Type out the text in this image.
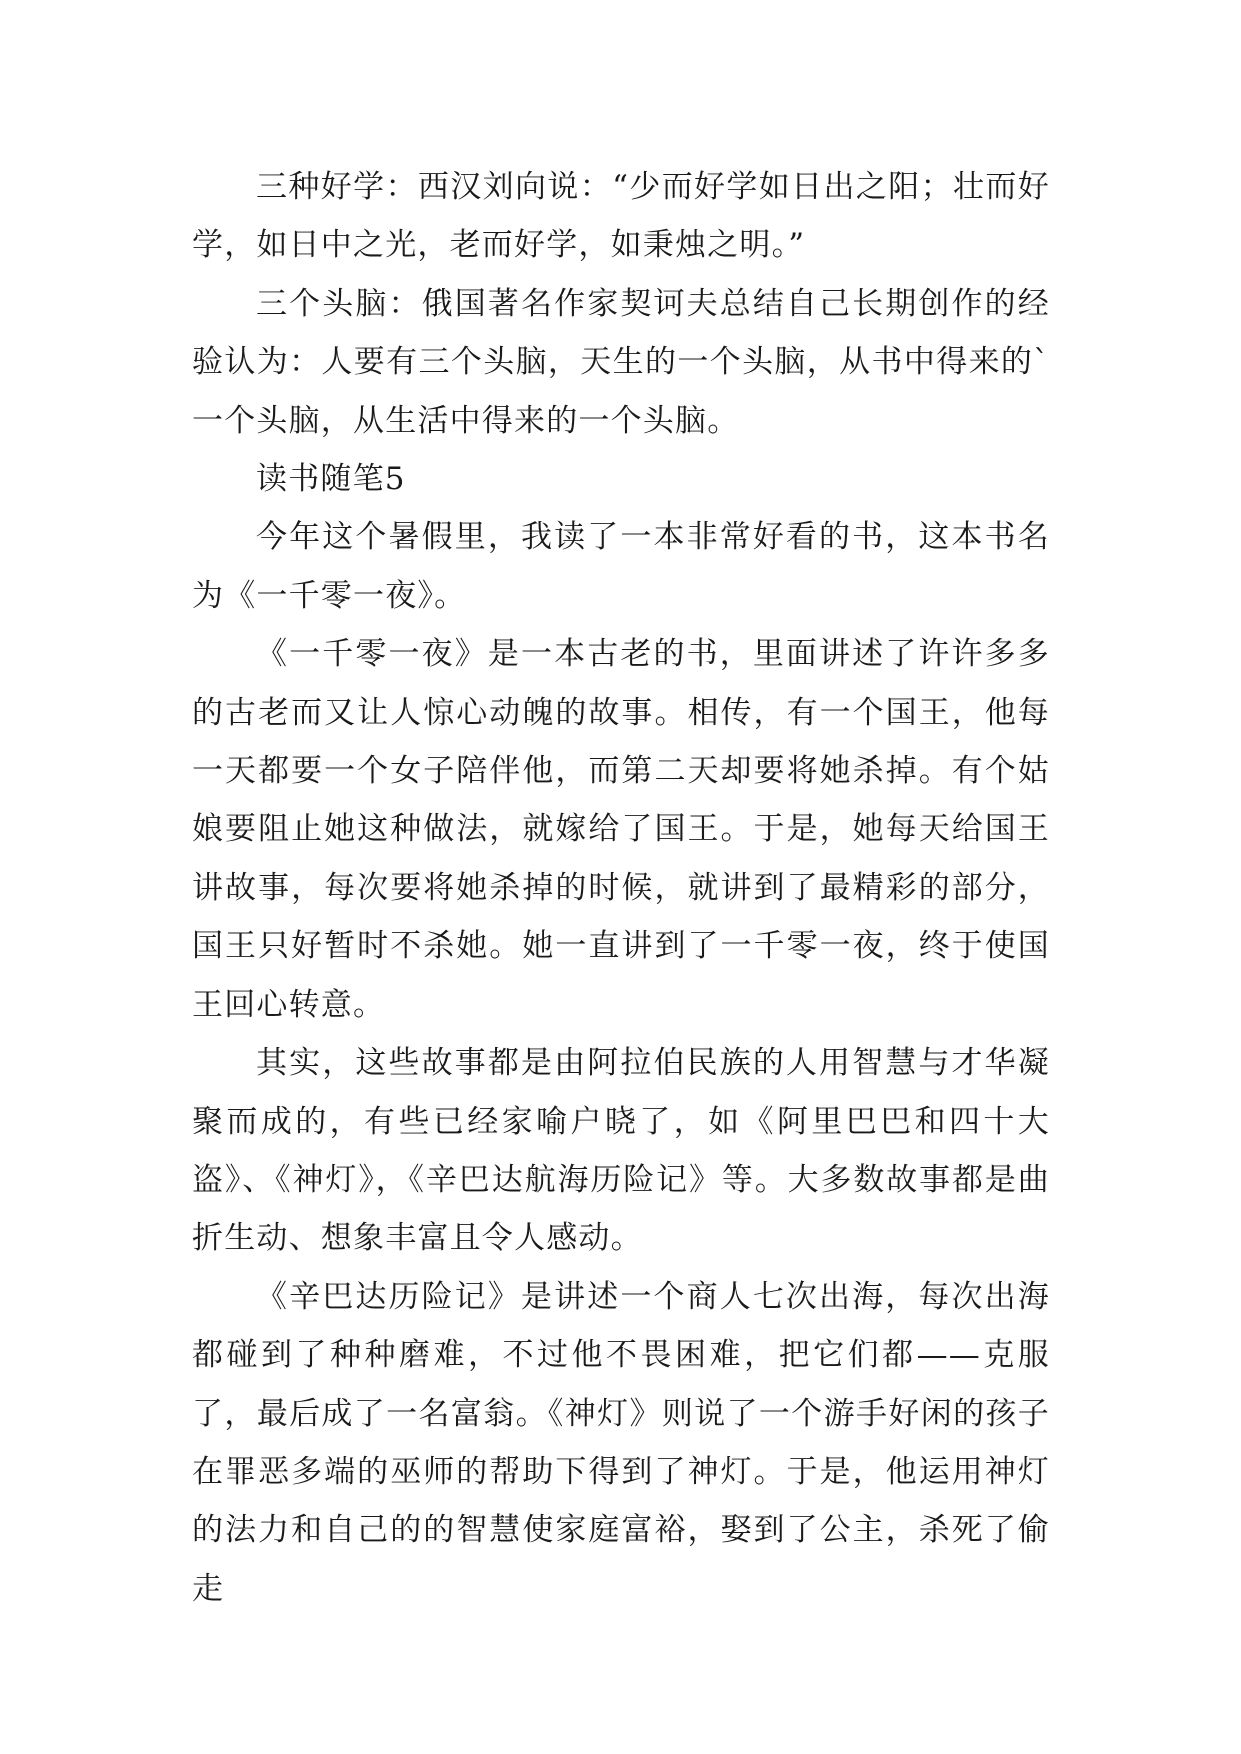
三种好学：西汉刘向说：“少而好学如日出之阳；壮而好学，如日中之光，老而好学，如秉烛之明。”

三个头脑：俄国著名作家契诃夫总结自己长期创作的经验认为：人要有三个头脑，天生的一个头脑，从书中得来的`一个头脑，从生活中得来的一个头脑。

读书随笔5

今年这个暑假里，我读了一本非常好看的书，这本书名为《一千零一夜》。

《一千零一夜》是一本古老的书，里面讲述了许许多多的古老而又让人惊心动魄的故事。相传，有一个国王，他每一天都要一个女子陪伴他，而第二天却要将她杀掉。有个姑娘要阻止她这种做法，就嫁给了国王。于是，她每天给国王讲故事，每次要将她杀掉的时候，就讲到了最精彩的部分，国王只好暂时不杀她。她一直讲到了一千零一夜，终于使国王回心转意。

其实，这些故事都是由阿拉伯民族的人用智慧与才华凝聚而成的，有些已经家喻户晓了，如《阿里巴巴和四十大盗》、《神灯》，《辛巴达航海历险记》等。大多数故事都是曲折生动、想象丰富且令人感动。

《辛巴达历险记》是讲述一个商人七次出海，每次出海都碰到了种种磨难，不过他不畏困难，把它们都——克服了，最后成了一名富翁。《神灯》则说了一个游手好闲的孩子在罪恶多端的巫师的帮助下得到了神灯。于是，他运用神灯的法力和自己的的智慧使家庭富裕，娶到了公主，杀死了偷走
